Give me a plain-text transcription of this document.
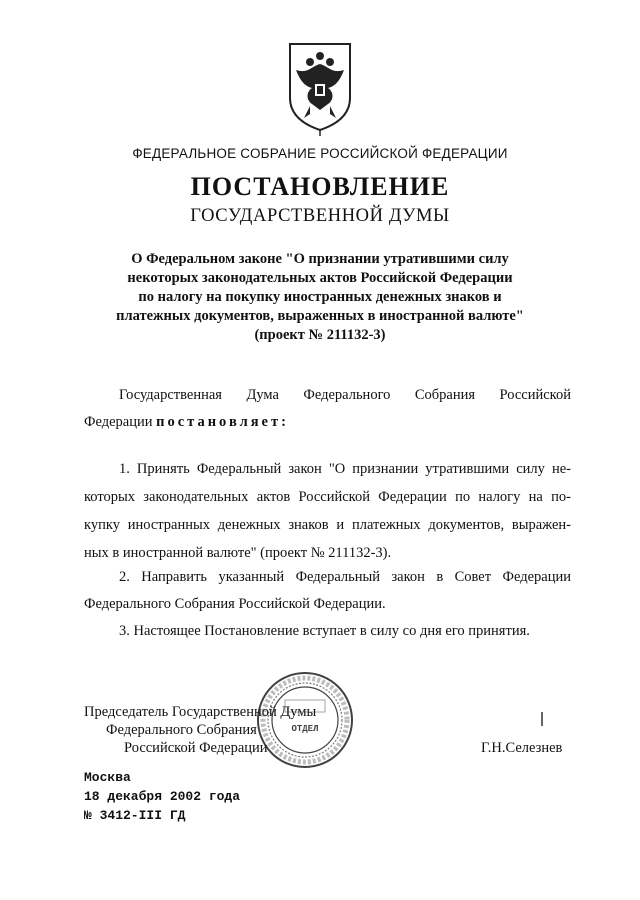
ФЕДЕРАЛЬНОЕ СОБРАНИЕ РОССИЙСКОЙ ФЕДЕРАЦИИ
ПОСТАНОВЛЕНИЕ
ГОСУДАРСТВЕННОЙ ДУМЫ
О Федеральном законе "О признании утратившими силу
некоторых законодательных актов Российской Федерации
по налогу на покупку иностранных денежных знаков и
платежных документов, выраженных в иностранной валюте"
(проект № 211132-3)
Государственная Дума Федерального Собрания Российской
Федерации постановляет:
1. Принять Федеральный закон "О признании утратившими силу не-
которых законодательных актов Российской Федерации по налогу на по-
купку иностранных денежных знаков и платежных документов, выражен-
ных в иностранной валюте" (проект № 211132-3).
2. Направить указанный Федеральный закон в Совет Федерации
Федерального Собрания Российской Федерации.
3. Настоящее Постановление вступает в силу со дня его принятия.
Председатель Государственной Думы
Федерального Собрания
Российской Федерации	Г.Н.Селезнев
ОТДЕЛ
Москва
18 декабря 2002 года
№ 3412-III ГД
